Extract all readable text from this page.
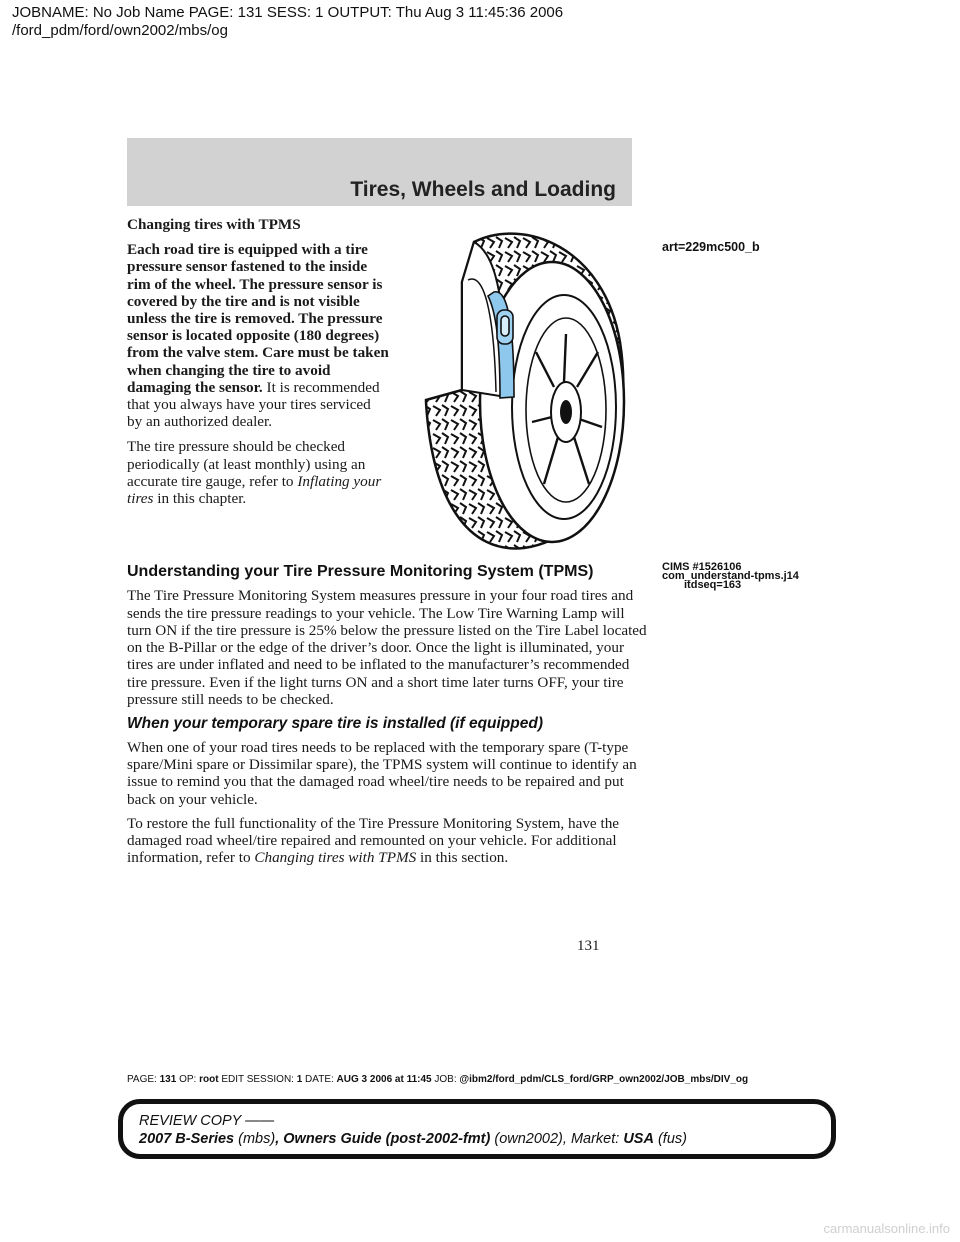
JOBNAME: No Job Name PAGE: 131 SESS: 1 OUTPUT: Thu Aug 3 11:45:36 2006
/ford_pdm/ford/own2002/mbs/og
Tires, Wheels and Loading

Changing tires with TPMS

Each road tire is equipped with a tire pressure sensor fastened to the inside rim of the wheel. The pressure sensor is covered by the tire and is not visible unless the tire is removed. The pressure sensor is located opposite (180 degrees) from the valve stem. Care must be taken when changing the tire to avoid damaging the sensor. It is recommended that you always have your tires serviced by an authorized dealer.

The tire pressure should be checked periodically (at least monthly) using an accurate tire gauge, refer to Inflating your tires in this chapter.

art=229mc500_b
CIMS #1526106
com_understand-tpms.j14
itdseq=163
Understanding your Tire Pressure Monitoring System (TPMS)

The Tire Pressure Monitoring System measures pressure in your four road tires and sends the tire pressure readings to your vehicle. The Low Tire Warning Lamp will turn ON if the tire pressure is 25% below the pressure listed on the Tire Label located on the B-Pillar or the edge of the driver’s door. Once the light is illuminated, your tires are under inflated and need to be inflated to the manufacturer’s recommended tire pressure. Even if the light turns ON and a short time later turns OFF, your tire pressure still needs to be checked.

When your temporary spare tire is installed (if equipped)

When one of your road tires needs to be replaced with the temporary spare (T-type spare/Mini spare or Dissimilar spare), the TPMS system will continue to identify an issue to remind you that the damaged road wheel/tire needs to be repaired and put back on your vehicle.

To restore the full functionality of the Tire Pressure Monitoring System, have the damaged road wheel/tire repaired and remounted on your vehicle. For additional information, refer to Changing tires with TPMS in this section.

131
PAGE: 131 OP: root EDIT SESSION: 1 DATE: AUG 3 2006 at 11:45 JOB: @ibm2/ford_pdm/CLS_ford/GRP_own2002/JOB_mbs/DIV_og
REVIEW COPY ——
2007 B-Series (mbs), Owners Guide (post-2002-fmt) (own2002), Market: USA (fus)
carmanualsonline.info
